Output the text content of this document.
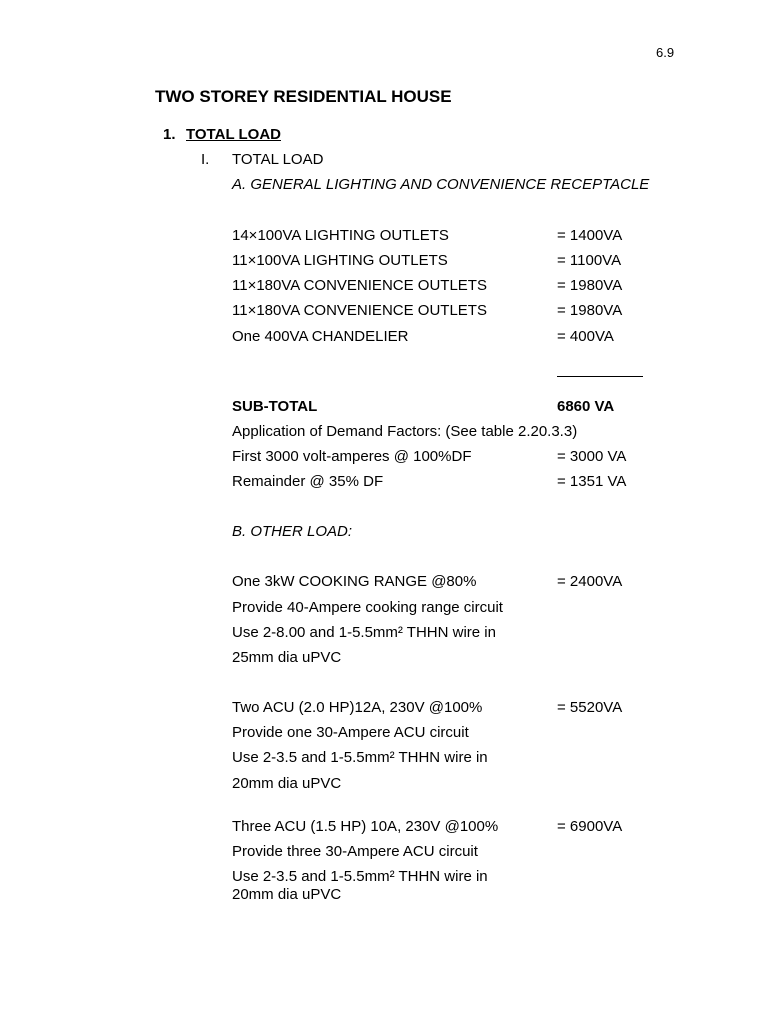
6.9
TWO STOREY RESIDENTIAL HOUSE
1. TOTAL LOAD
I. TOTAL LOAD
A. GENERAL LIGHTING AND CONVENIENCE RECEPTACLE
14×100VA LIGHTING OUTLETS	= 1400VA
11×100VA LIGHTING OUTLETS	= 1100VA
11×180VA CONVENIENCE OUTLETS	= 1980VA
11×180VA CONVENIENCE OUTLETS	= 1980VA
One 400VA CHANDELIER	= 400VA
SUB-TOTAL	6860 VA
Application of Demand Factors: (See table 2.20.3.3)
First 3000 volt-amperes @ 100%DF	= 3000 VA
Remainder @ 35% DF	= 1351 VA
B. OTHER LOAD:
One 3kW COOKING RANGE @80%	= 2400VA
Provide 40-Ampere cooking range circuit
Use 2-8.00 and 1-5.5mm² THHN wire in
25mm dia uPVC
Two ACU (2.0 HP)12A, 230V @100%	= 5520VA
Provide one 30-Ampere ACU circuit
Use 2-3.5 and 1-5.5mm² THHN wire in
20mm dia uPVC
Three ACU (1.5 HP) 10A, 230V @100%	= 6900VA
Provide three 30-Ampere ACU circuit
Use 2-3.5 and 1-5.5mm² THHN wire in
20mm dia uPVC
